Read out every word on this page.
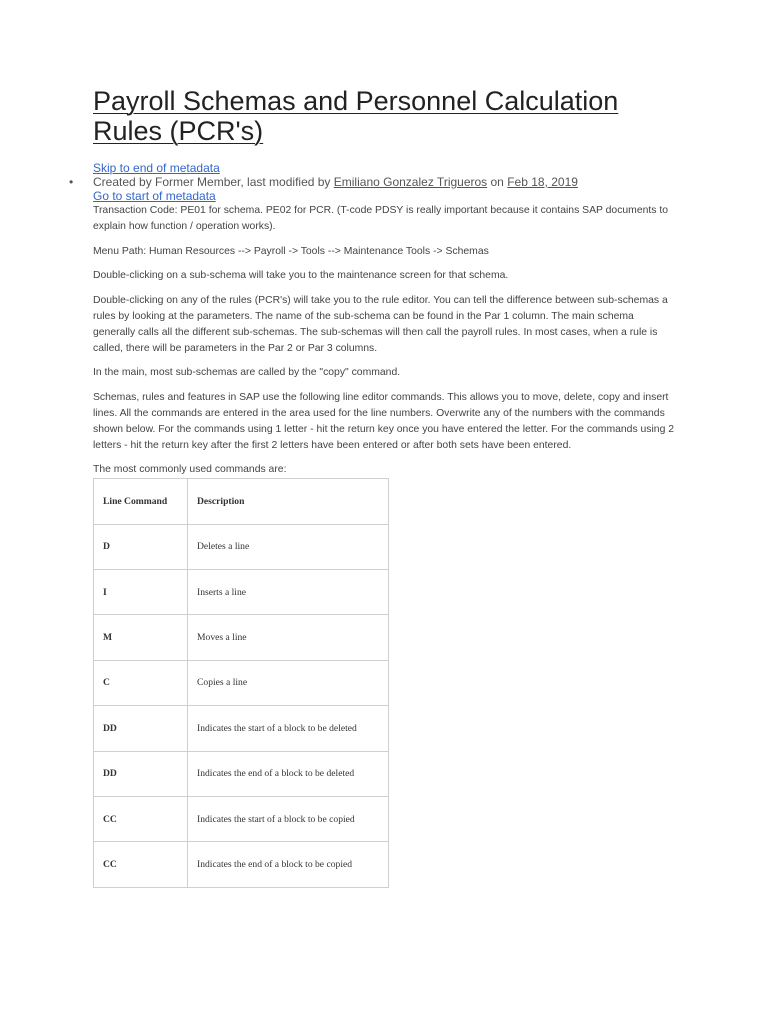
Payroll Schemas and Personnel Calculation Rules (PCR's)
Skip to end of metadata
• Created by Former Member, last modified by Emiliano Gonzalez Trigueros on Feb 18, 2019
Go to start of metadata

Transaction Code: PE01 for schema. PE02 for PCR. (T-code PDSY is really important because it contains SAP documents to explain how function / operation works).

Menu Path: Human Resources --> Payroll -> Tools --> Maintenance Tools -> Schemas

Double-clicking on a sub-schema will take you to the maintenance screen for that schema.

Double-clicking on any of the rules (PCR's) will take you to the rule editor. You can tell the difference between sub-schemas a rules by looking at the parameters. The name of the sub-schema can be found in the Par 1 column. The main schema generally calls all the different sub-schemas. The sub-schemas will then call the payroll rules. In most cases, when a rule is called, there will be parameters in the Par 2 or Par 3 columns.

In the main, most sub-schemas are called by the "copy" command.

Schemas, rules and features in SAP use the following line editor commands. This allows you to move, delete, copy and insert lines. All the commands are entered in the area used for the line numbers. Overwrite any of the numbers with the commands shown below. For the commands using 1 letter - hit the return key once you have entered the letter. For the commands using 2 letters - hit the return key after the first 2 letters have been entered or after both sets have been entered.

The most commonly used commands are:

Line Command	Description
D	Deletes a line
I	Inserts a line
M	Moves a line
C	Copies a line
DD	Indicates the start of a block to be deleted
DD	Indicates the end of a block to be deleted
CC	Indicates the start of a block to be copied
CC	Indicates the end of a block to be copied
